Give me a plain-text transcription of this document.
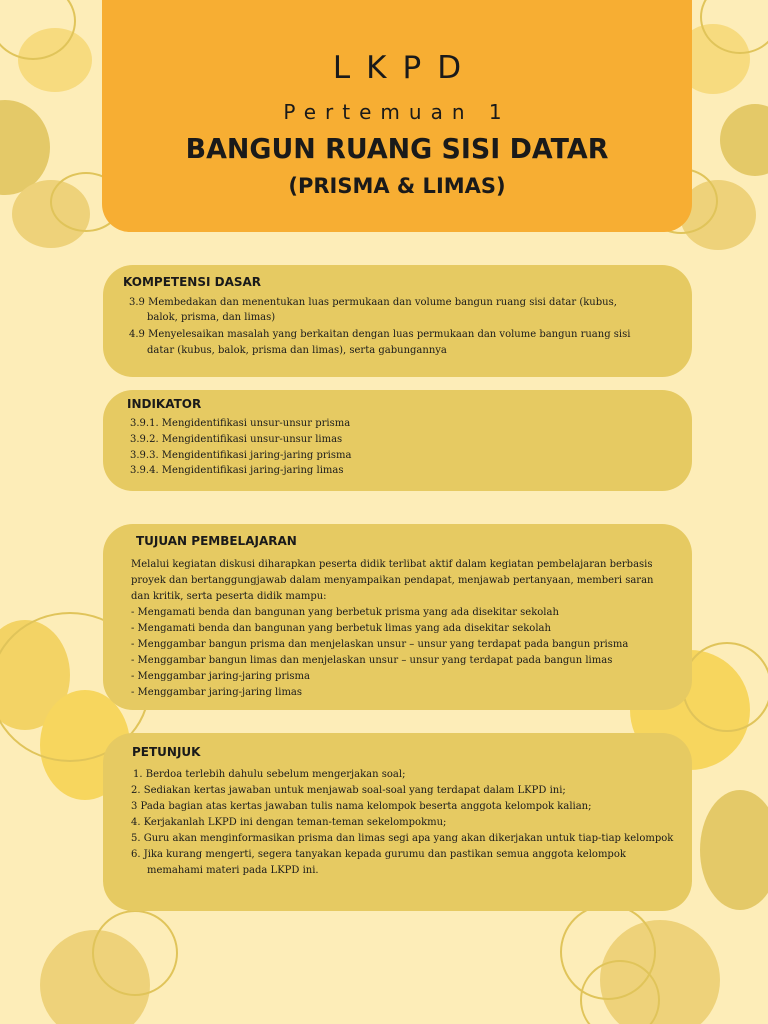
LKPD
Pertemuan 1
BANGUN RUANG SISI DATAR
(PRISMA & LIMAS)
KOMPETENSI DASAR
3.9 Membedakan dan menentukan luas permukaan dan volume bangun ruang sisi datar (kubus,
balok, prisma, dan limas)
4.9 Menyelesaikan masalah yang berkaitan dengan luas permukaan dan volume bangun ruang sisi
datar (kubus, balok, prisma dan limas), serta gabungannya
INDIKATOR
3.9.1. Mengidentifikasi unsur-unsur prisma
3.9.2. Mengidentifikasi unsur-unsur limas
3.9.3. Mengidentifikasi jaring-jaring prisma
3.9.4. Mengidentifikasi jaring-jaring limas
TUJUAN PEMBELAJARAN
Melalui kegiatan diskusi diharapkan peserta didik terlibat aktif dalam kegiatan pembelajaran berbasis
proyek dan bertanggungjawab dalam menyampaikan pendapat, menjawab pertanyaan, memberi saran
dan kritik, serta peserta didik mampu:
- Mengamati benda dan bangunan yang berbetuk prisma yang ada disekitar sekolah
- Mengamati benda dan bangunan yang berbetuk limas yang ada disekitar sekolah
- Menggambar bangun prisma dan menjelaskan unsur – unsur yang terdapat pada bangun prisma
- Menggambar bangun limas dan menjelaskan unsur – unsur yang terdapat pada bangun limas
- Menggambar jaring-jaring prisma
- Menggambar jaring-jaring limas
PETUNJUK
1. Berdoa terlebih dahulu sebelum mengerjakan soal;
2. Sediakan kertas jawaban untuk menjawab soal-soal yang terdapat dalam LKPD ini;
3 Pada bagian atas kertas jawaban tulis nama kelompok beserta anggota kelompok kalian;
4. Kerjakanlah LKPD ini dengan teman-teman sekelompokmu;
5. Guru akan menginformasikan prisma dan limas segi apa yang akan dikerjakan untuk tiap-tiap kelompok
6. Jika kurang mengerti, segera tanyakan kepada gurumu dan pastikan semua anggota kelompok
memahami materi pada LKPD ini.
